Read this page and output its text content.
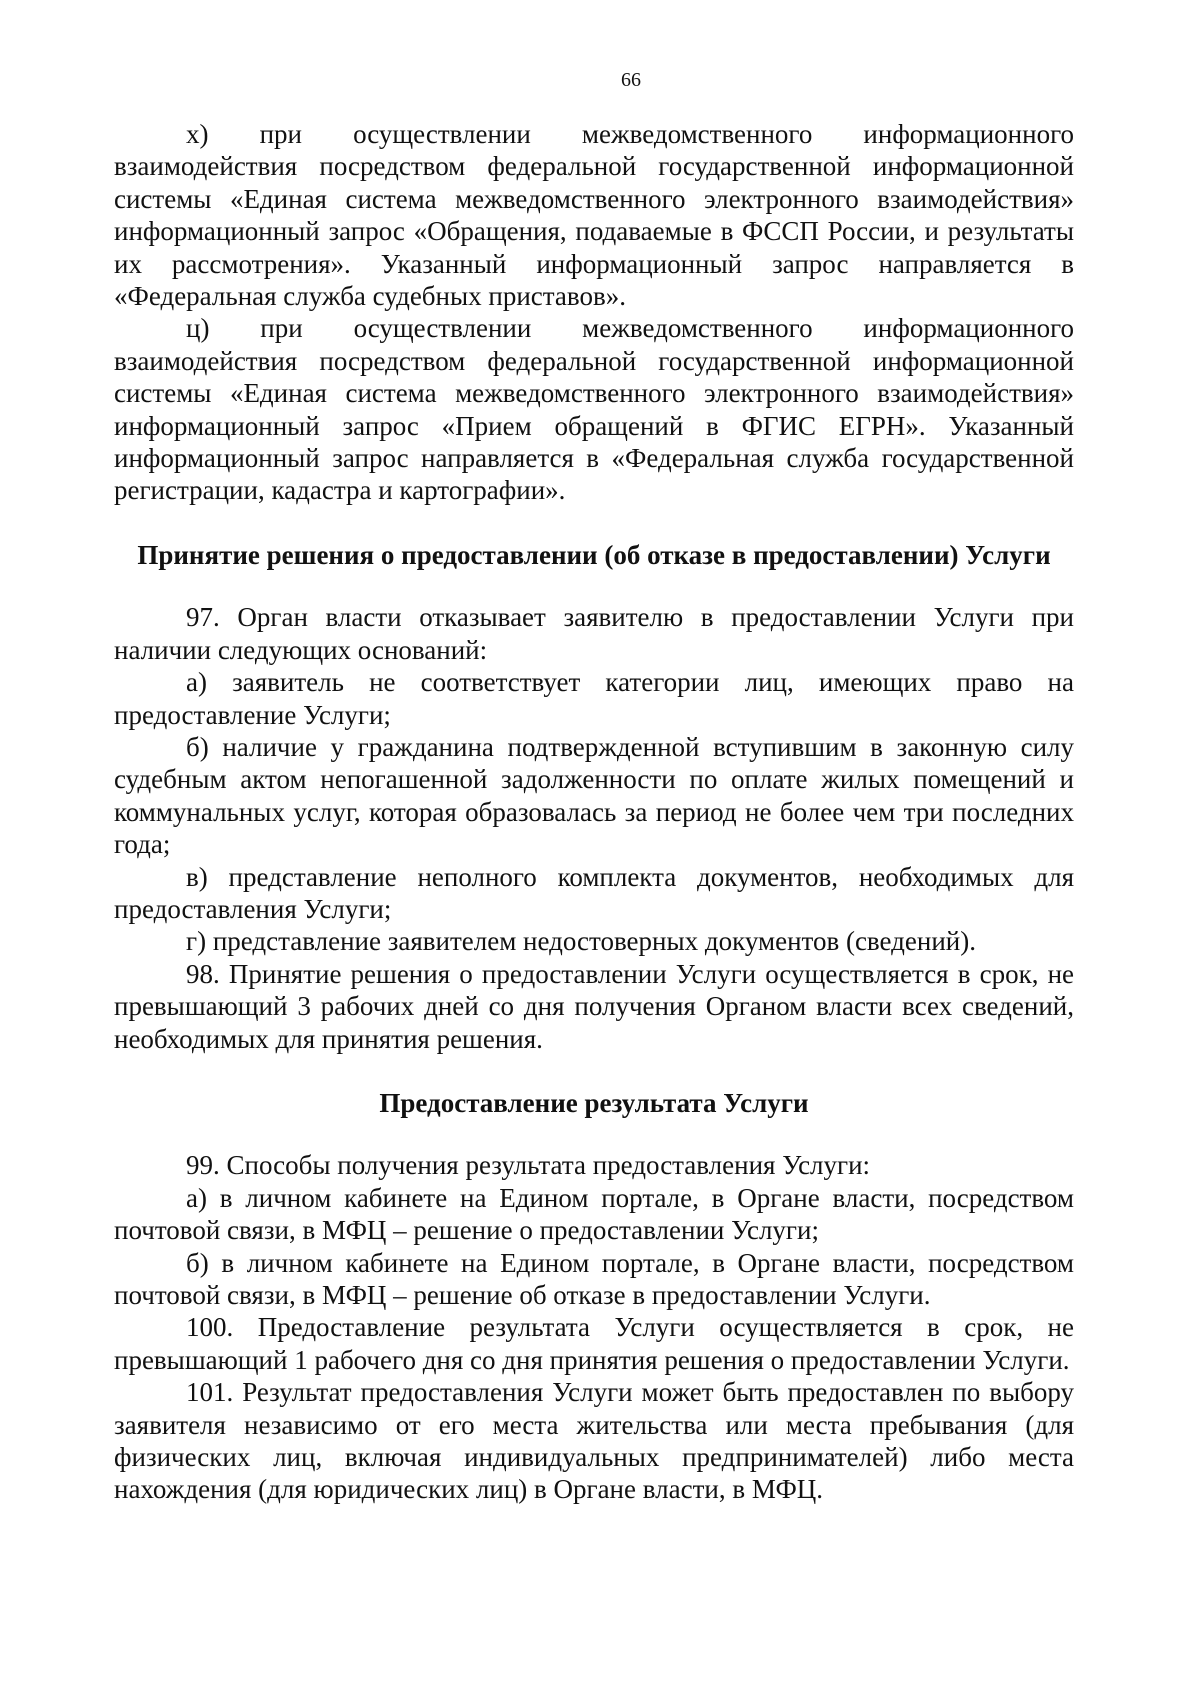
66

х) при осуществлении межведомственного информационного взаимодействия посредством федеральной государственной информационной системы «Единая система межведомственного электронного взаимодействия» информационный запрос «Обращения, подаваемые в ФССП России, и результаты их рассмотрения». Указанный информационный запрос направляется в «Федеральная служба судебных приставов».

ц) при осуществлении межведомственного информационного взаимодействия посредством федеральной государственной информационной системы «Единая система межведомственного электронного взаимодействия» информационный запрос «Прием обращений в ФГИС ЕГРН». Указанный информационный запрос направляется в «Федеральная служба государственной регистрации, кадастра и картографии».

Принятие решения о предоставлении (об отказе в предоставлении) Услуги

97. Орган власти отказывает заявителю в предоставлении Услуги при наличии следующих оснований:

а) заявитель не соответствует категории лиц, имеющих право на предоставление Услуги;

б) наличие у гражданина подтвержденной вступившим в законную силу судебным актом непогашенной задолженности по оплате жилых помещений и коммунальных услуг, которая образовалась за период не более чем три последних года;

в) представление неполного комплекта документов, необходимых для предоставления Услуги;

г) представление заявителем недостоверных документов (сведений).

98. Принятие решения о предоставлении Услуги осуществляется в срок, не превышающий 3 рабочих дней со дня получения Органом власти всех сведений, необходимых для принятия решения.

Предоставление результата Услуги

99. Способы получения результата предоставления Услуги:

а) в личном кабинете на Едином портале, в Органе власти, посредством почтовой связи, в МФЦ – решение о предоставлении Услуги;

б) в личном кабинете на Едином портале, в Органе власти, посредством почтовой связи, в МФЦ – решение об отказе в предоставлении Услуги.

100. Предоставление результата Услуги осуществляется в срок, не превышающий 1 рабочего дня со дня принятия решения о предоставлении Услуги.

101. Результат предоставления Услуги может быть предоставлен по выбору заявителя независимо от его места жительства или места пребывания (для физических лиц, включая индивидуальных предпринимателей) либо места нахождения (для юридических лиц) в Органе власти, в МФЦ.
